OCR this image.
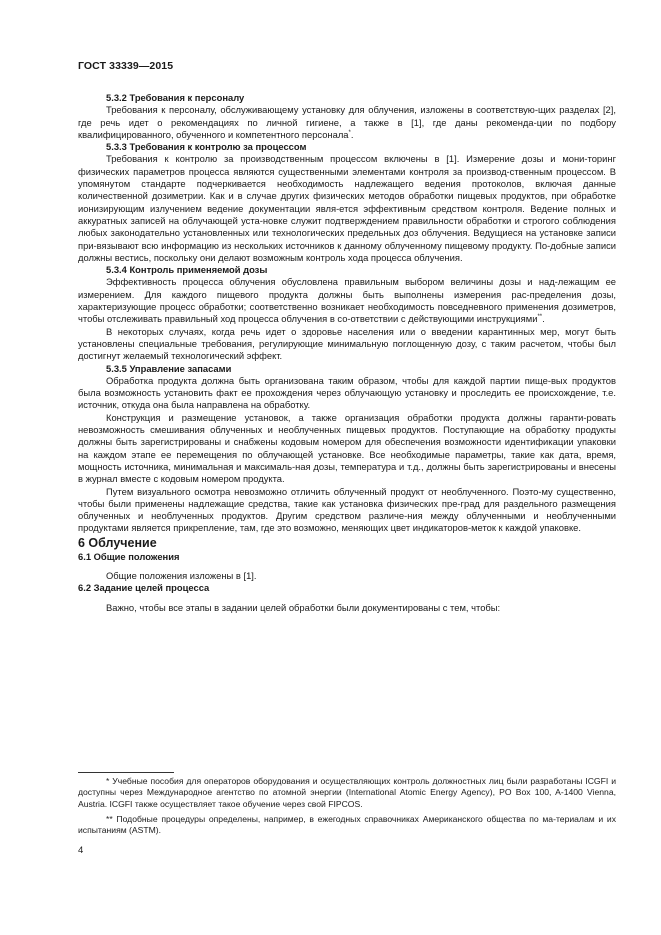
ГОСТ 33339—2015

5.3.2 Требования к персоналу

Требования к персоналу, обслуживающему установку для облучения, изложены в соответствую-щих разделах [2], где речь идет о рекомендациях по личной гигиене, а также в [1], где даны рекоменда-ции по подбору квалифицированного, обученного и компетентного персонала*.

5.3.3 Требования к контролю за процессом

Требования к контролю за производственным процессом включены в [1]. Измерение дозы и мони-торинг физических параметров процесса являются существенными элементами контроля за производ-ственным процессом. В упомянутом стандарте подчеркивается необходимость надлежащего ведения протоколов, включая данные количественной дозиметрии. Как и в случае других физических методов обработки пищевых продуктов, при обработке ионизирующим излучением ведение документации явля-ется эффективным средством контроля. Ведение полных и аккуратных записей на облучающей уста-новке служит подтверждением правильности обработки и строгого соблюдения любых законодательно установленных или технологических предельных доз облучения. Ведущиеся на установке записи при-вязывают всю информацию из нескольких источников к данному облученному пищевому продукту. По-добные записи должны вестись, поскольку они делают возможным контроль хода процесса облучения.

5.3.4 Контроль применяемой дозы

Эффективность процесса облучения обусловлена правильным выбором величины дозы и над-лежащим ее измерением. Для каждого пищевого продукта должны быть выполнены измерения рас-пределения дозы, характеризующие процесс обработки; соответственно возникает необходимость повседневного применения дозиметров, чтобы отслеживать правильный ход процесса облучения в со-ответствии с действующими инструкциями**.

В некоторых случаях, когда речь идет о здоровье населения или о введении карантинных мер, могут быть установлены специальные требования, регулирующие минимальную поглощенную дозу, с таким расчетом, чтобы был достигнут желаемый технологический эффект.

5.3.5 Управление запасами

Обработка продукта должна быть организована таким образом, чтобы для каждой партии пище-вых продуктов была возможность установить факт ее прохождения через облучающую установку и проследить ее происхождение, т.е. источник, откуда она была направлена на обработку.

Конструкция и размещение установок, а также организация обработки продукта должны гаранти-ровать невозможность смешивания облученных и необлученных пищевых продуктов. Поступающие на обработку продукты должны быть зарегистрированы и снабжены кодовым номером для обеспечения возможности идентификации упаковки на каждом этапе ее перемещения по облучающей установке. Все необходимые параметры, такие как дата, время, мощность источника, минимальная и максималь-ная дозы, температура и т.д., должны быть зарегистрированы и внесены в журнал вместе с кодовым номером продукта.

Путем визуального осмотра невозможно отличить облученный продукт от необлученного. Поэто-му существенно, чтобы были применены надлежащие средства, такие как установка физических пре-град для раздельного размещения облученных и необлученных продуктов. Другим средством различе-ния между облученными и необлученными продуктами является прикрепление, там, где это возможно, меняющих цвет индикаторов-меток к каждой упаковке.

6 Облучение

6.1 Общие положения

Общие положения изложены в [1].

6.2 Задание целей процесса

Важно, чтобы все этапы в задании целей обработки были документированы с тем, чтобы:

* Учебные пособия для операторов оборудования и осуществляющих контроль должностных лиц были разработаны ICGFI и доступны через Международное агентство по атомной энергии (International Atomic Energy Agency), PO Box 100, A-1400 Vienna, Austria. ICGFI также осуществляет такое обучение через свой FIPCOS.

** Подобные процедуры определены, например, в ежегодных справочниках Американского общества по ма-териалам и их испытаниям (ASTM).

4
